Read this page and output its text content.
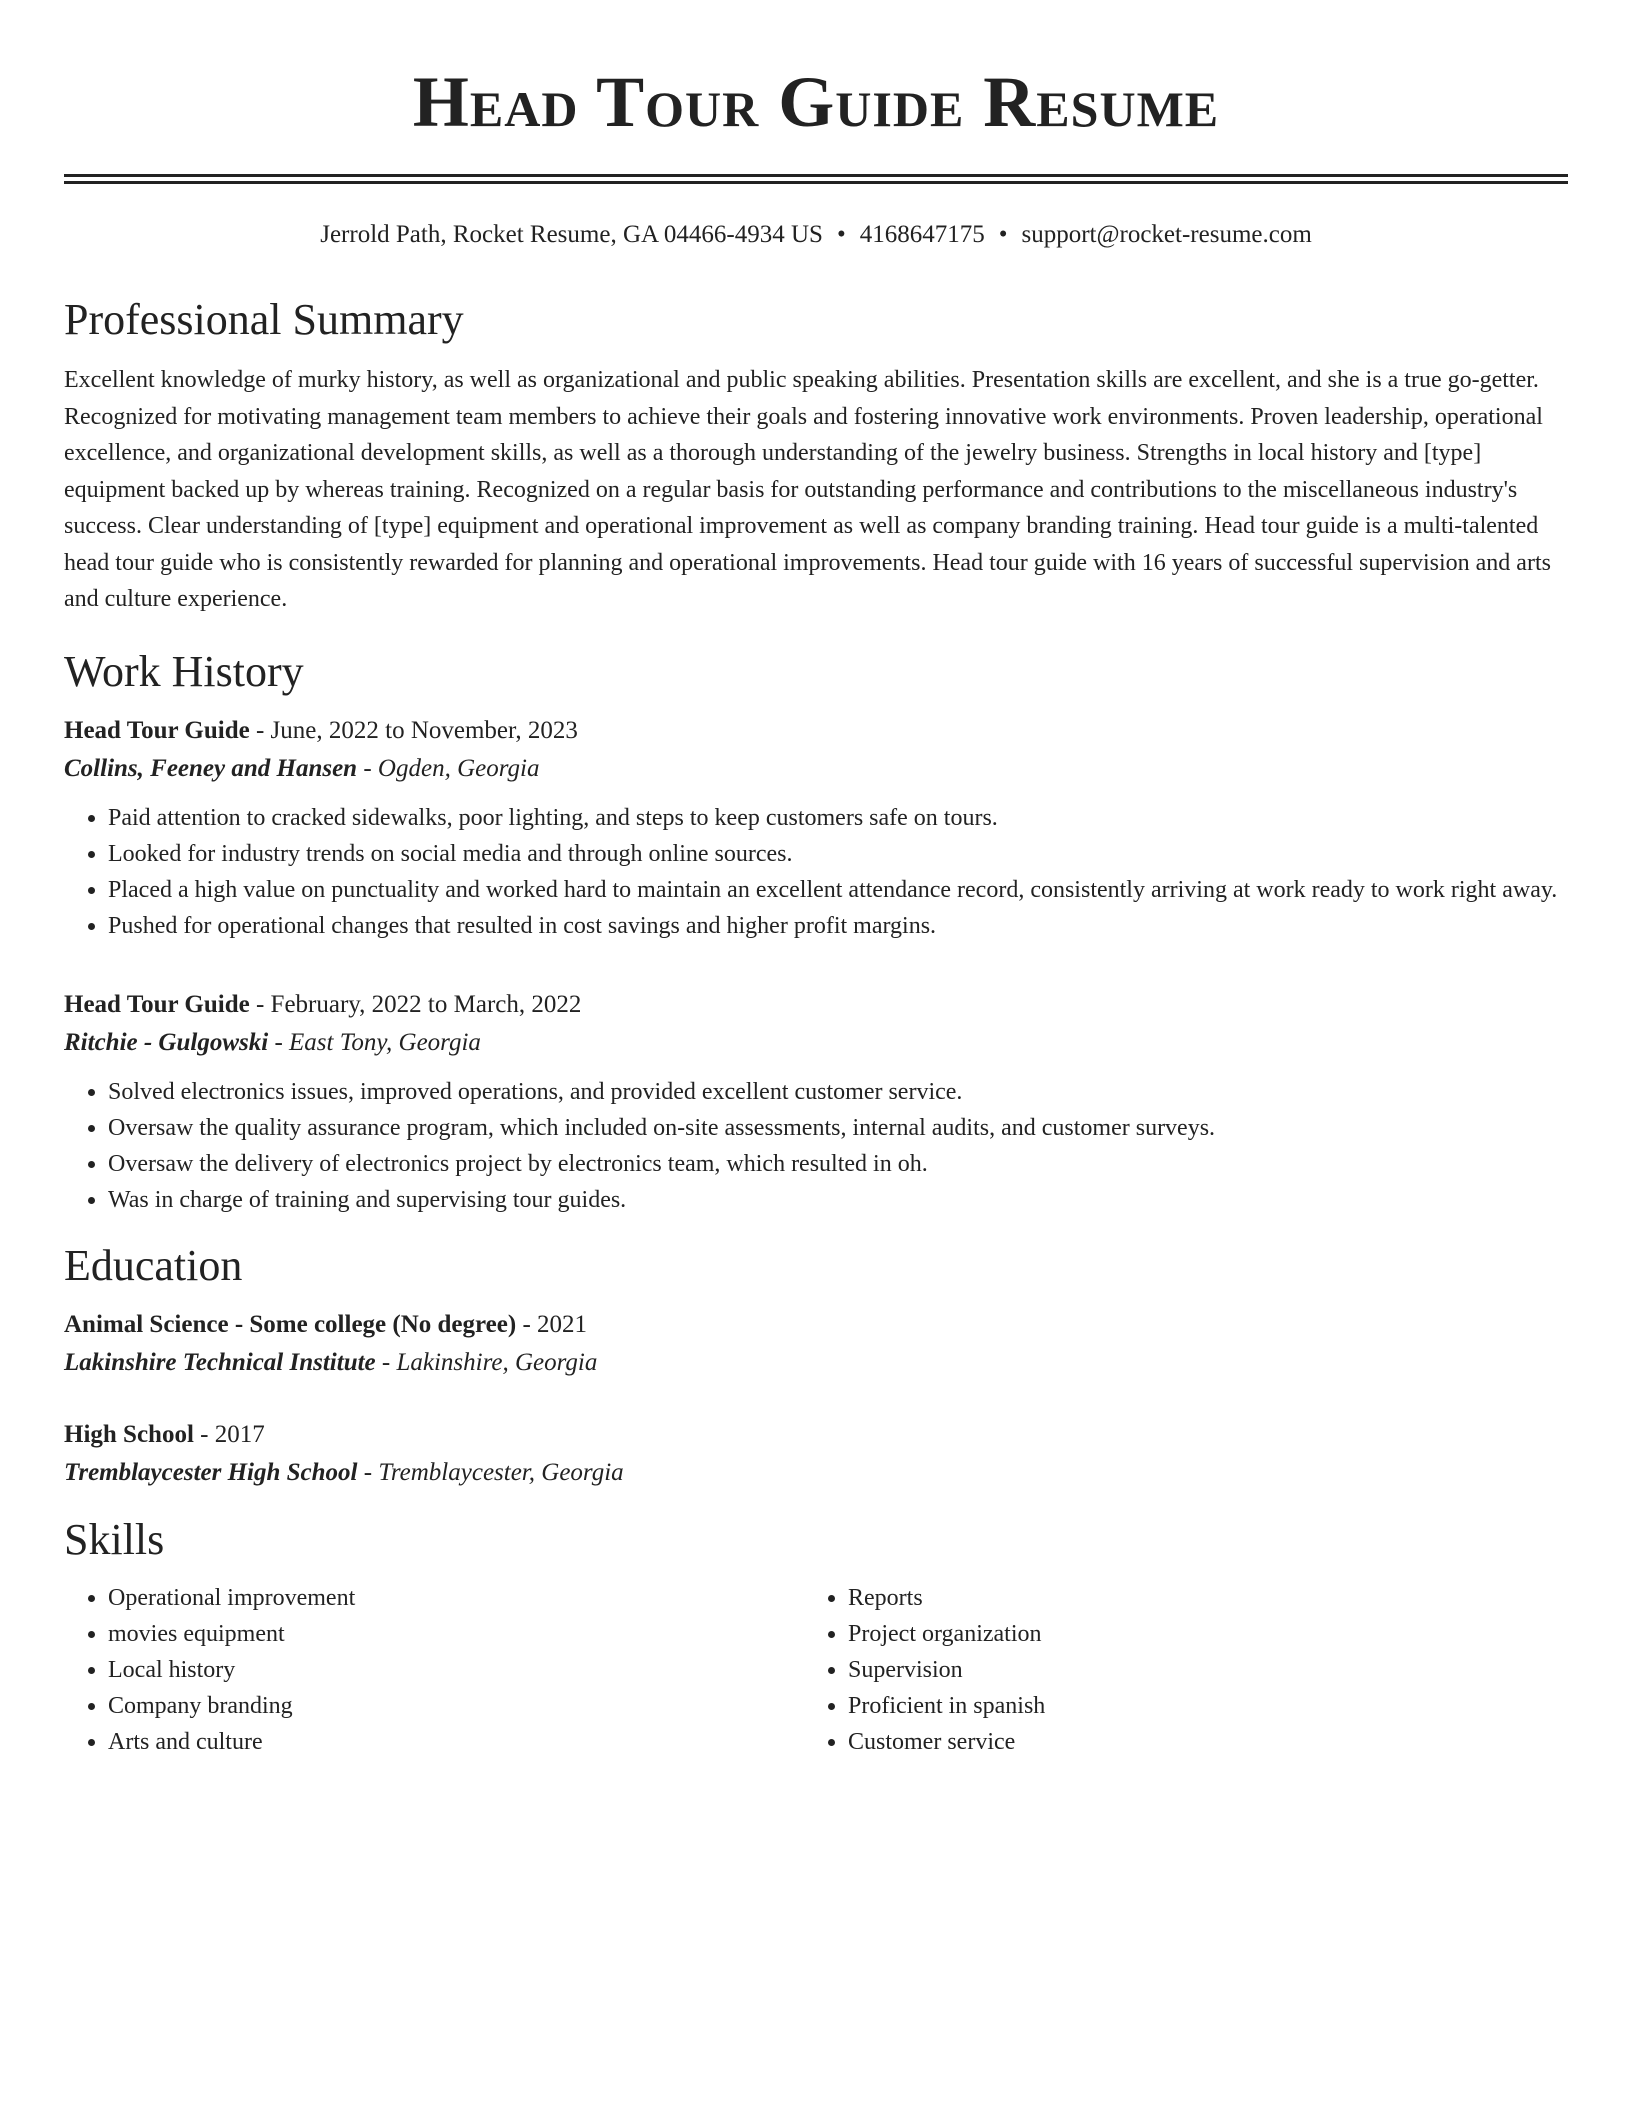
Head Tour Guide Resume
Jerrold Path, Rocket Resume, GA 04466-4934 US • 4168647175 • support@rocket-resume.com
Professional Summary
Excellent knowledge of murky history, as well as organizational and public speaking abilities. Presentation skills are excellent, and she is a true go-getter. Recognized for motivating management team members to achieve their goals and fostering innovative work environments. Proven leadership, operational excellence, and organizational development skills, as well as a thorough understanding of the jewelry business. Strengths in local history and [type] equipment backed up by whereas training. Recognized on a regular basis for outstanding performance and contributions to the miscellaneous industry's success. Clear understanding of [type] equipment and operational improvement as well as company branding training. Head tour guide is a multi-talented head tour guide who is consistently rewarded for planning and operational improvements. Head tour guide with 16 years of successful supervision and arts and culture experience.
Work History
Head Tour Guide - June, 2022 to November, 2023
Collins, Feeney and Hansen - Ogden, Georgia
• Paid attention to cracked sidewalks, poor lighting, and steps to keep customers safe on tours.
• Looked for industry trends on social media and through online sources.
• Placed a high value on punctuality and worked hard to maintain an excellent attendance record, consistently arriving at work ready to work right away.
• Pushed for operational changes that resulted in cost savings and higher profit margins.
Head Tour Guide - February, 2022 to March, 2022
Ritchie - Gulgowski - East Tony, Georgia
• Solved electronics issues, improved operations, and provided excellent customer service.
• Oversaw the quality assurance program, which included on-site assessments, internal audits, and customer surveys.
• Oversaw the delivery of electronics project by electronics team, which resulted in oh.
• Was in charge of training and supervising tour guides.
Education
Animal Science - Some college (No degree) - 2021
Lakinshire Technical Institute - Lakinshire, Georgia
High School - 2017
Tremblaycester High School - Tremblaycester, Georgia
Skills
• Operational improvement
• movies equipment
• Local history
• Company branding
• Arts and culture
• Reports
• Project organization
• Supervision
• Proficient in spanish
• Customer service
